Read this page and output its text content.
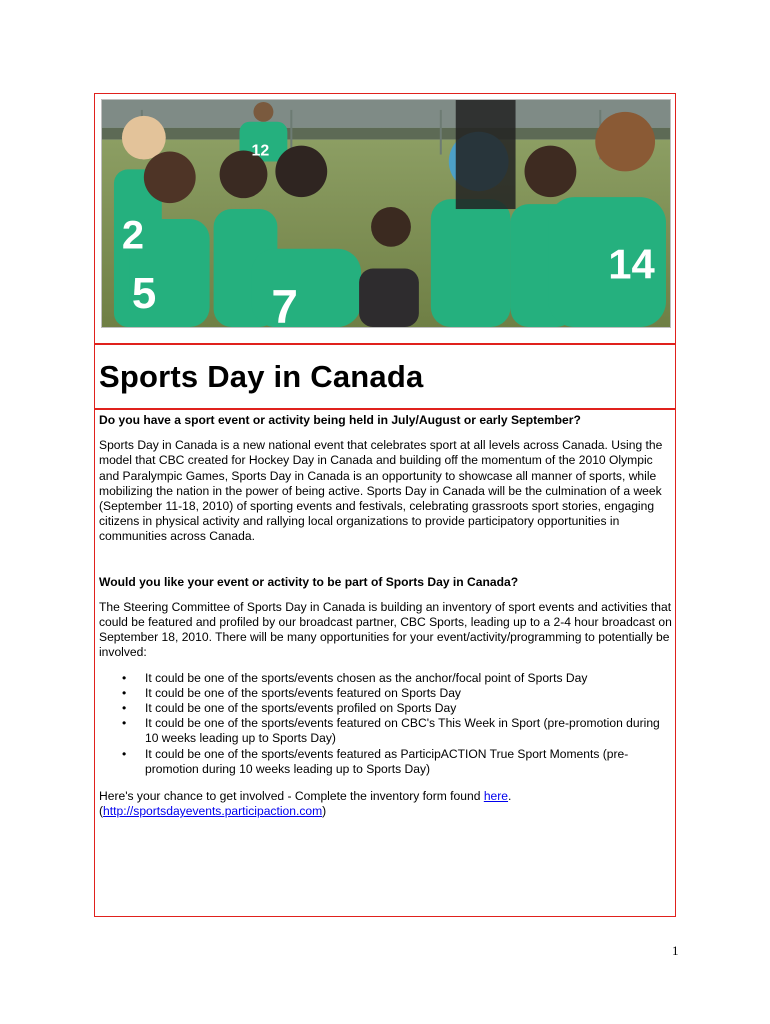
2
5 7
14
12
Sports Day in Canada

Do you have a sport event or activity being held in July/August or early September?

Sports Day in Canada is a new national event that celebrates sport at all levels across Canada. Using the model that CBC created for Hockey Day in Canada and building off the momentum of the 2010 Olympic and Paralympic Games, Sports Day in Canada is an opportunity to showcase all manner of sports, while mobilizing the nation in the power of being active. Sports Day in Canada will be the culmination of a week (September 11-18, 2010) of sporting events and festivals, celebrating grassroots sport stories, engaging citizens in physical activity and rallying local organizations to provide participatory opportunities in communities across Canada.

Would you like your event or activity to be part of Sports Day in Canada?

The Steering Committee of Sports Day in Canada is building an inventory of sport events and activities that could be featured and profiled by our broadcast partner, CBC Sports, leading up to a 2-4 hour broadcast on September 18, 2010. There will be many opportunities for your event/activity/programming to potentially be involved:

• It could be one of the sports/events chosen as the anchor/focal point of Sports Day
• It could be one of the sports/events featured on Sports Day
• It could be one of the sports/events profiled on Sports Day
• It could be one of the sports/events featured on CBC's This Week in Sport (pre-promotion during 10 weeks leading up to Sports Day)
• It could be one of the sports/events featured as ParticipACTION True Sport Moments (pre-promotion during 10 weeks leading up to Sports Day)

Here's your chance to get involved - Complete the inventory form found here.
(http://sportsdayevents.participaction.com)

1
